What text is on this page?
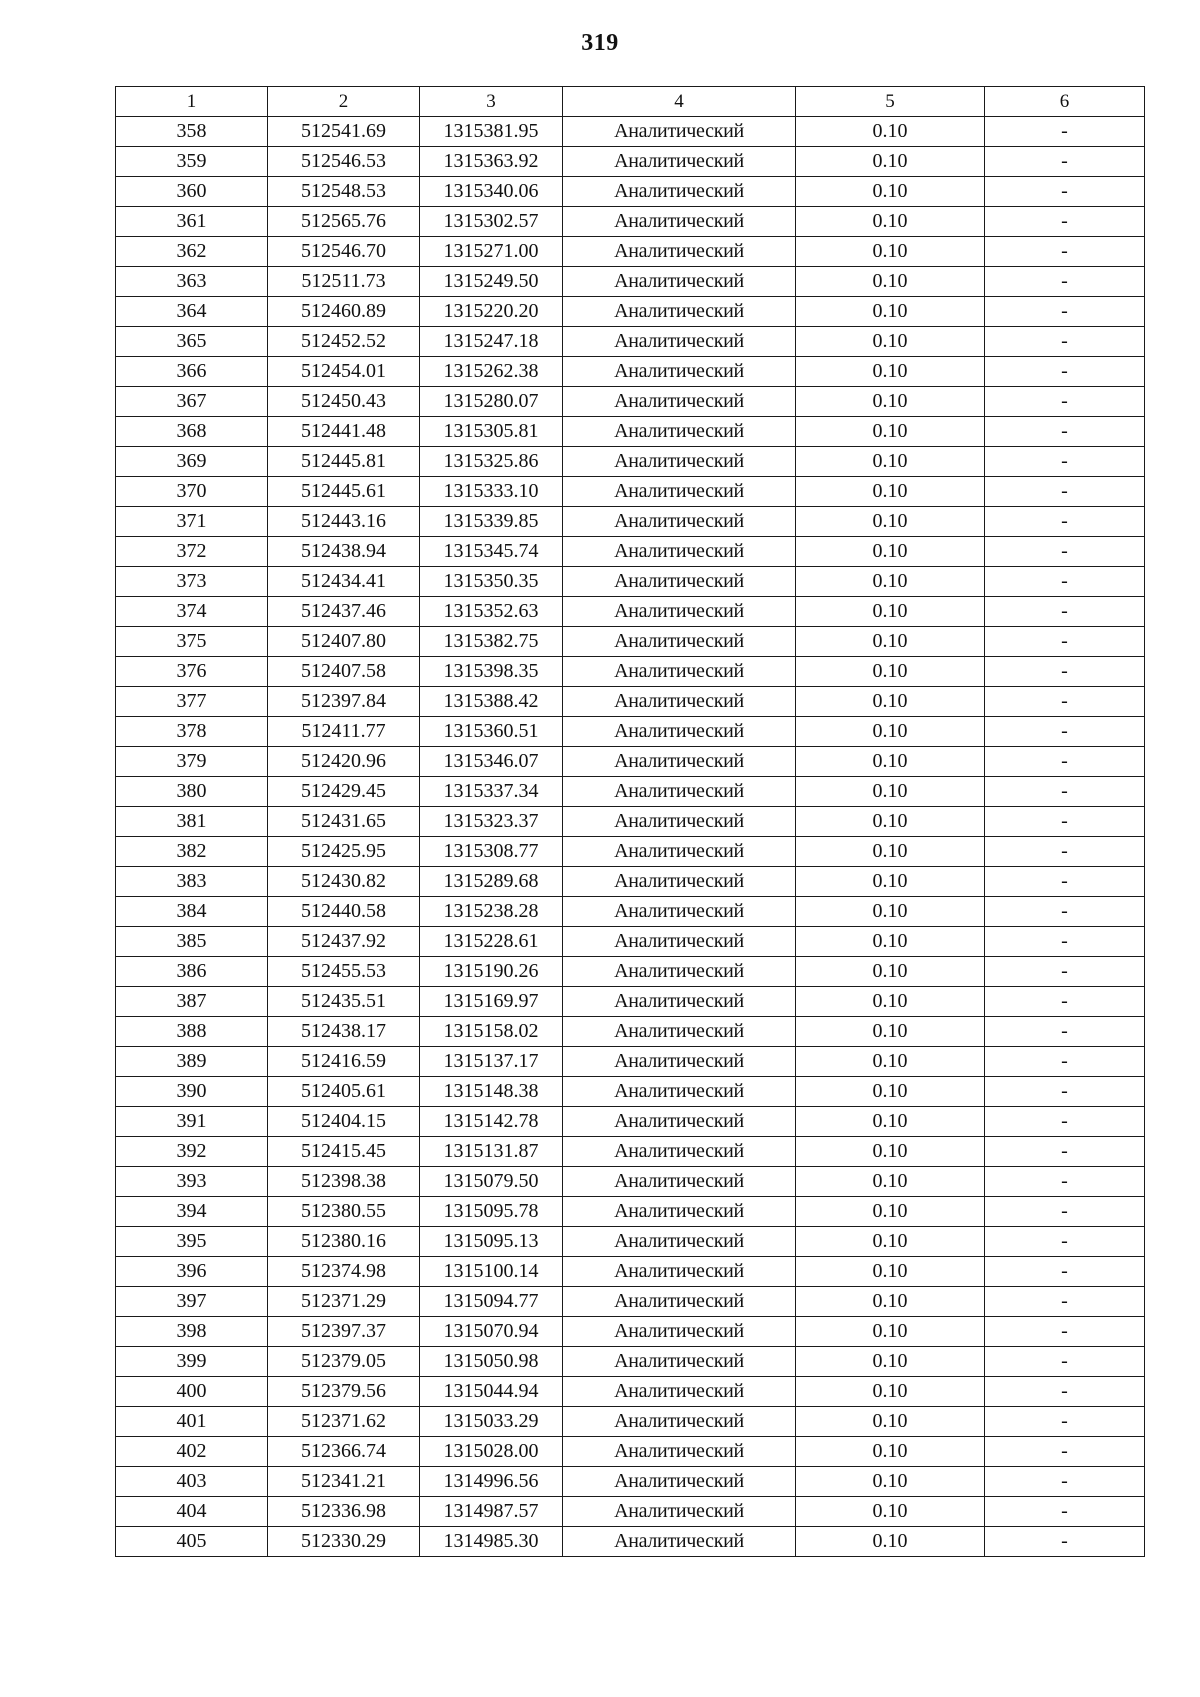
319
1	2	3	4	5	6
358	512541.69	1315381.95	Аналитический	0.10	-
359	512546.53	1315363.92	Аналитический	0.10	-
360	512548.53	1315340.06	Аналитический	0.10	-
361	512565.76	1315302.57	Аналитический	0.10	-
362	512546.70	1315271.00	Аналитический	0.10	-
363	512511.73	1315249.50	Аналитический	0.10	-
364	512460.89	1315220.20	Аналитический	0.10	-
365	512452.52	1315247.18	Аналитический	0.10	-
366	512454.01	1315262.38	Аналитический	0.10	-
367	512450.43	1315280.07	Аналитический	0.10	-
368	512441.48	1315305.81	Аналитический	0.10	-
369	512445.81	1315325.86	Аналитический	0.10	-
370	512445.61	1315333.10	Аналитический	0.10	-
371	512443.16	1315339.85	Аналитический	0.10	-
372	512438.94	1315345.74	Аналитический	0.10	-
373	512434.41	1315350.35	Аналитический	0.10	-
374	512437.46	1315352.63	Аналитический	0.10	-
375	512407.80	1315382.75	Аналитический	0.10	-
376	512407.58	1315398.35	Аналитический	0.10	-
377	512397.84	1315388.42	Аналитический	0.10	-
378	512411.77	1315360.51	Аналитический	0.10	-
379	512420.96	1315346.07	Аналитический	0.10	-
380	512429.45	1315337.34	Аналитический	0.10	-
381	512431.65	1315323.37	Аналитический	0.10	-
382	512425.95	1315308.77	Аналитический	0.10	-
383	512430.82	1315289.68	Аналитический	0.10	-
384	512440.58	1315238.28	Аналитический	0.10	-
385	512437.92	1315228.61	Аналитический	0.10	-
386	512455.53	1315190.26	Аналитический	0.10	-
387	512435.51	1315169.97	Аналитический	0.10	-
388	512438.17	1315158.02	Аналитический	0.10	-
389	512416.59	1315137.17	Аналитический	0.10	-
390	512405.61	1315148.38	Аналитический	0.10	-
391	512404.15	1315142.78	Аналитический	0.10	-
392	512415.45	1315131.87	Аналитический	0.10	-
393	512398.38	1315079.50	Аналитический	0.10	-
394	512380.55	1315095.78	Аналитический	0.10	-
395	512380.16	1315095.13	Аналитический	0.10	-
396	512374.98	1315100.14	Аналитический	0.10	-
397	512371.29	1315094.77	Аналитический	0.10	-
398	512397.37	1315070.94	Аналитический	0.10	-
399	512379.05	1315050.98	Аналитический	0.10	-
400	512379.56	1315044.94	Аналитический	0.10	-
401	512371.62	1315033.29	Аналитический	0.10	-
402	512366.74	1315028.00	Аналитический	0.10	-
403	512341.21	1314996.56	Аналитический	0.10	-
404	512336.98	1314987.57	Аналитический	0.10	-
405	512330.29	1314985.30	Аналитический	0.10	-
